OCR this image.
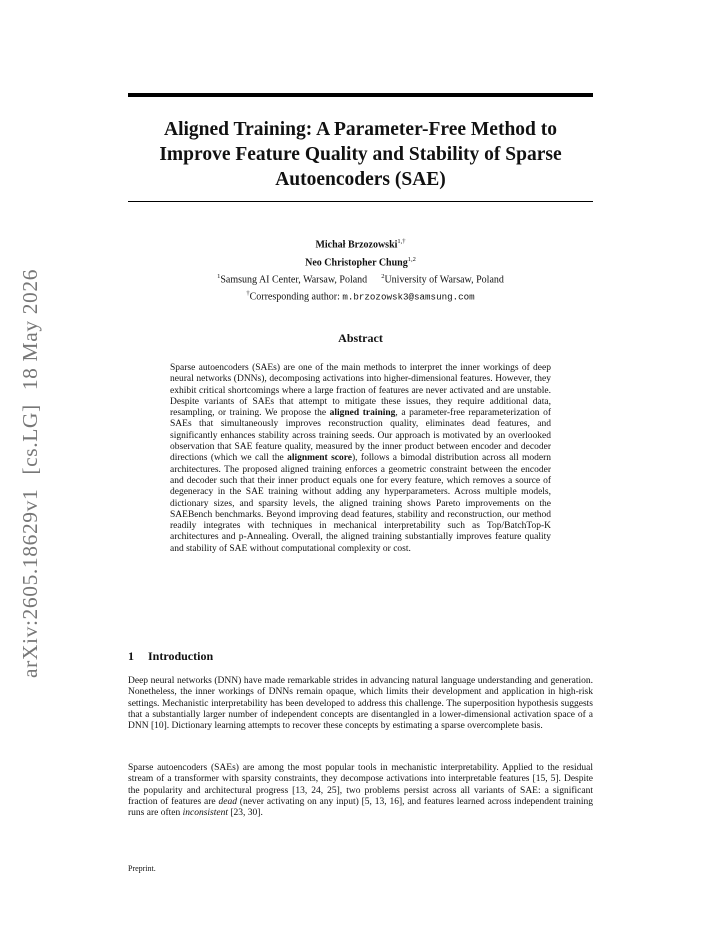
arXiv:2605.18629v1[cs.LG]18 May 2026
Aligned Training: A Parameter-Free Method to
Improve Feature Quality and Stability of Sparse
Autoencoders (SAE)
Michał Brzozowski$^{1,\dagger}$
Neo Christopher Chung$^{1,2}$
$^1$Samsung AI Center, Warsaw, Poland $^2$University of Warsaw, Poland
†Corresponding author: m.brzozowsk3@samsung.com
Abstract
Sparse autoencoders (SAEs) are one of the main methods to interpret the inner workings of deep neural networks (DNNs), decomposing activations into higher-dimensional features. However, they exhibit critical shortcomings where a large fraction of features are never activated and are unstable. Despite variants of SAEs that attempt to mitigate these issues, they require additional data, resampling, or training. We propose the aligned training, a parameter-free reparameterization of SAEs that simultaneously improves reconstruction quality, eliminates dead features, and significantly enhances stability across training seeds. Our approach is motivated by an overlooked observation that SAE feature quality, measured by the inner product between encoder and decoder directions (which we call the alignment score), follows a bimodal distribution across all modern architectures. The proposed aligned training enforces a geometric constraint between the encoder and decoder such that their inner product equals one for every feature, which removes a source of degeneracy in the SAE training without adding any hyperparameters. Across multiple models, dictionary sizes, and sparsity levels, the aligned training shows Pareto improvements on the SAEBench benchmarks. Beyond improving dead features, stability and reconstruction, our method readily integrates with techniques in mechanical interpretability such as Top/BatchTop-K architectures and p-Annealing. Overall, the aligned training substantially improves feature quality and stability of SAE without computational complexity or cost.
1 Introduction

Deep neural networks (DNN) have made remarkable strides in advancing natural language understanding and generation. Nonetheless, the inner workings of DNNs remain opaque, which limits their development and application in high-risk settings. Mechanistic interpretability has been developed to address this challenge. The superposition hypothesis suggests that a substantially larger number of independent concepts are disentangled in a lower-dimensional activation space of a DNN [10]. Dictionary learning attempts to recover these concepts by estimating a sparse overcomplete basis.

Sparse autoencoders (SAEs) are among the most popular tools in mechanistic interpretability. Applied to the residual stream of a transformer with sparsity constraints, they decompose activations into interpretable features [15, 5]. Despite the popularity and architectural progress [13, 24, 25], two problems persist across all variants of SAE: a significant fraction of features are dead (never activating on any input) [5, 13, 16], and features learned across independent training runs are often inconsistent [23, 30].

Preprint.
